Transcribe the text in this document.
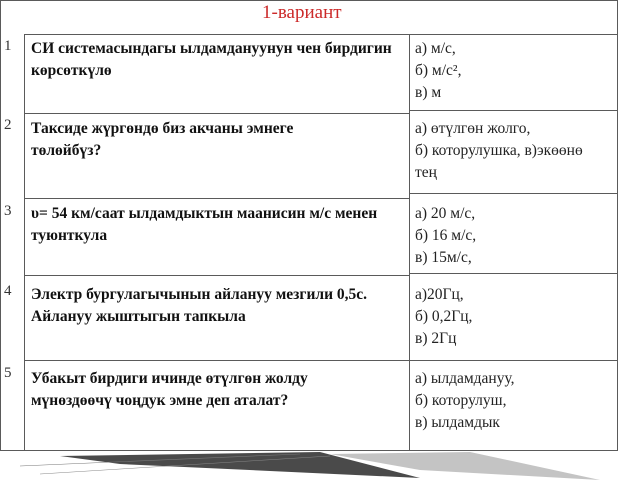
1-вариант
1 СИ системасындагы ылдамдануунун чен бирдигин көрсөткүлө
а) м/с,
б) м/с²,
в) м
2 Таксиде жүргөндө биз акчаны эмнеге төлөйбүз?
а) өтүлгөн жолго,
б) которулушка, в)экөөнө
тең
3 υ= 54 км/саат ылдамдыктын маанисин м/с менен туюнткула
а) 20 м/с,
б) 16 м/с,
в) 15м/с,
4 Электр бургулагычынын айлануу мезгили 0,5с. Айлануу жыштыгын тапкыла
а)20Гц,
б) 0,2Гц,
в) 2Гц
5 Убакыт бирдиги ичинде өтүлгөн жолду мүнөздөөчү чоңдук эмне деп аталат?
а) ылдамдануу,
б) которулуш,
в) ылдамдык
